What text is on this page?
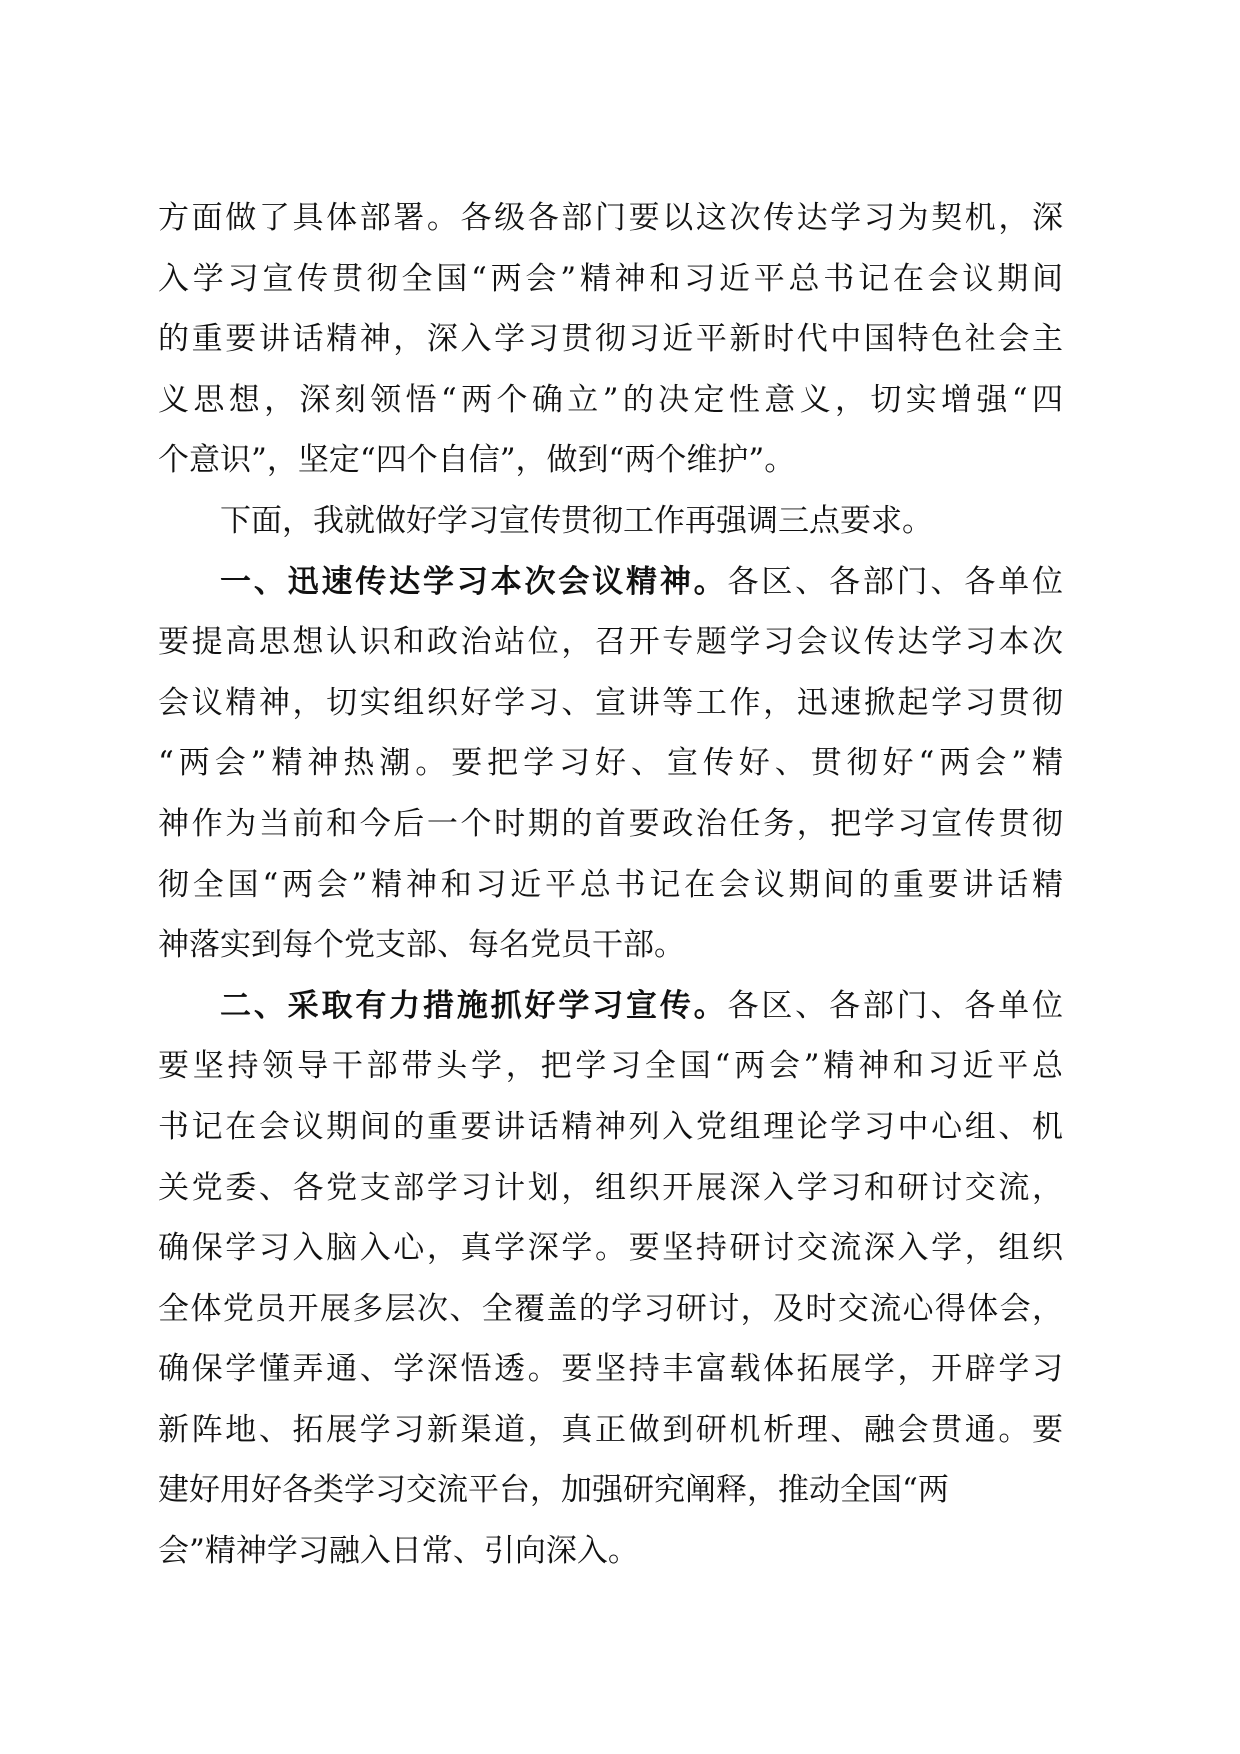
方面做了具体部署。各级各部门要以这次传达学习为契机，深
入学习宣传贯彻全国“两会”精神和习近平总书记在会议期间
的重要讲话精神，深入学习贯彻习近平新时代中国特色社会主
义思想，深刻领悟“两个确立”的决定性意义，切实增强“四
个意识”，坚定“四个自信”，做到“两个维护”。
下面，我就做好学习宣传贯彻工作再强调三点要求。
一、迅速传达学习本次会议精神。各区、各部门、各单位
要提高思想认识和政治站位，召开专题学习会议传达学习本次
会议精神，切实组织好学习、宣讲等工作，迅速掀起学习贯彻
“两会”精神热潮。要把学习好、宣传好、贯彻好“两会”精
神作为当前和今后一个时期的首要政治任务，把学习宣传贯彻
彻全国“两会”精神和习近平总书记在会议期间的重要讲话精
神落实到每个党支部、每名党员干部。
二、采取有力措施抓好学习宣传。各区、各部门、各单位
要坚持领导干部带头学，把学习全国“两会”精神和习近平总
书记在会议期间的重要讲话精神列入党组理论学习中心组、机
关党委、各党支部学习计划，组织开展深入学习和研讨交流，
确保学习入脑入心，真学深学。要坚持研讨交流深入学，组织
全体党员开展多层次、全覆盖的学习研讨，及时交流心得体会，
确保学懂弄通、学深悟透。要坚持丰富载体拓展学，开辟学习
新阵地、拓展学习新渠道，真正做到研机析理、融会贯通。要
建好用好各类学习交流平台，加强研究阐释，推动全国“两
会”精神学习融入日常、引向深入。
